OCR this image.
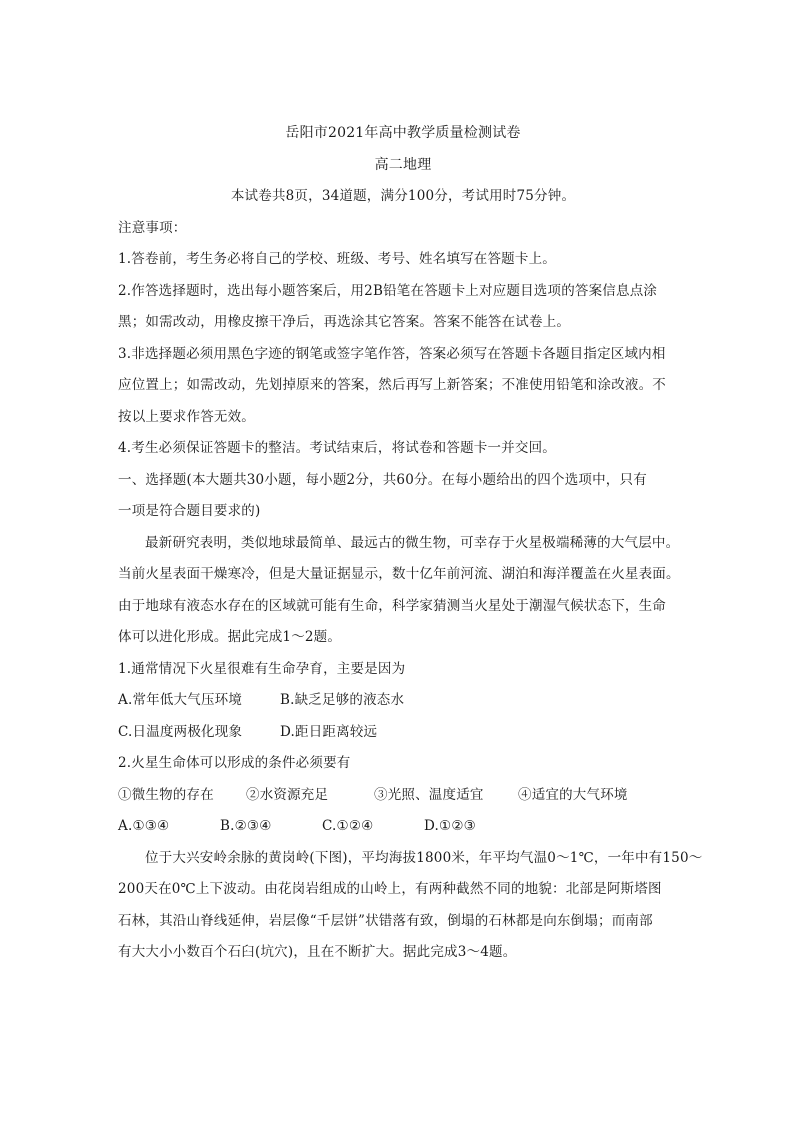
岳阳市2021年高中教学质量检测试卷
高二地理
本试卷共8页，34道题，满分100分，考试用时75分钟。
注意事项：
1.答卷前，考生务必将自己的学校、班级、考号、姓名填写在答题卡上。
2.作答选择题时，选出每小题答案后，用2B铅笔在答题卡上对应题目选项的答案信息点涂
黑；如需改动，用橡皮擦干净后，再选涂其它答案。答案不能答在试卷上。
3.非选择题必须用黑色字迹的钢笔或签字笔作答，答案必须写在答题卡各题目指定区域内相
应位置上；如需改动，先划掉原来的答案，然后再写上新答案；不准使用铅笔和涂改液。不
按以上要求作答无效。
4.考生必须保证答题卡的整洁。考试结束后，将试卷和答题卡一并交回。
一、选择题(本大题共30小题，每小题2分，共60分。在每小题给出的四个选项中，只有
一项是符合题目要求的)
最新研究表明，类似地球最简单、最远古的微生物，可幸存于火星极端稀薄的大气层中。
当前火星表面干燥寒冷，但是大量证据显示，数十亿年前河流、湖泊和海洋覆盖在火星表面。
由于地球有液态水存在的区域就可能有生命，科学家猜测当火星处于潮湿气候状态下，生命
体可以进化形成。据此完成1～2题。
1.通常情况下火星很难有生命孕育，主要是因为
A.常年低大气压环境	B.缺乏足够的液态水
C.日温度两极化现象	D.距日距离较远
2.火星生命体可以形成的条件必须要有
①微生物的存在 ②水资源充足	③光照、温度适宜	④适宜的大气环境
A.①③④	B.②③④	C.①②④	D.①②③
位于大兴安岭余脉的黄岗岭(下图)，平均海拔1800米，年平均气温0～1℃，一年中有150～
200天在0℃上下波动。由花岗岩组成的山岭上，有两种截然不同的地貌：北部是阿斯塔图
石林，其沿山脊线延伸，岩层像“千层饼”状错落有致，倒塌的石林都是向东倒塌；而南部
有大大小小数百个石臼(坑穴)，且在不断扩大。据此完成3～4题。
